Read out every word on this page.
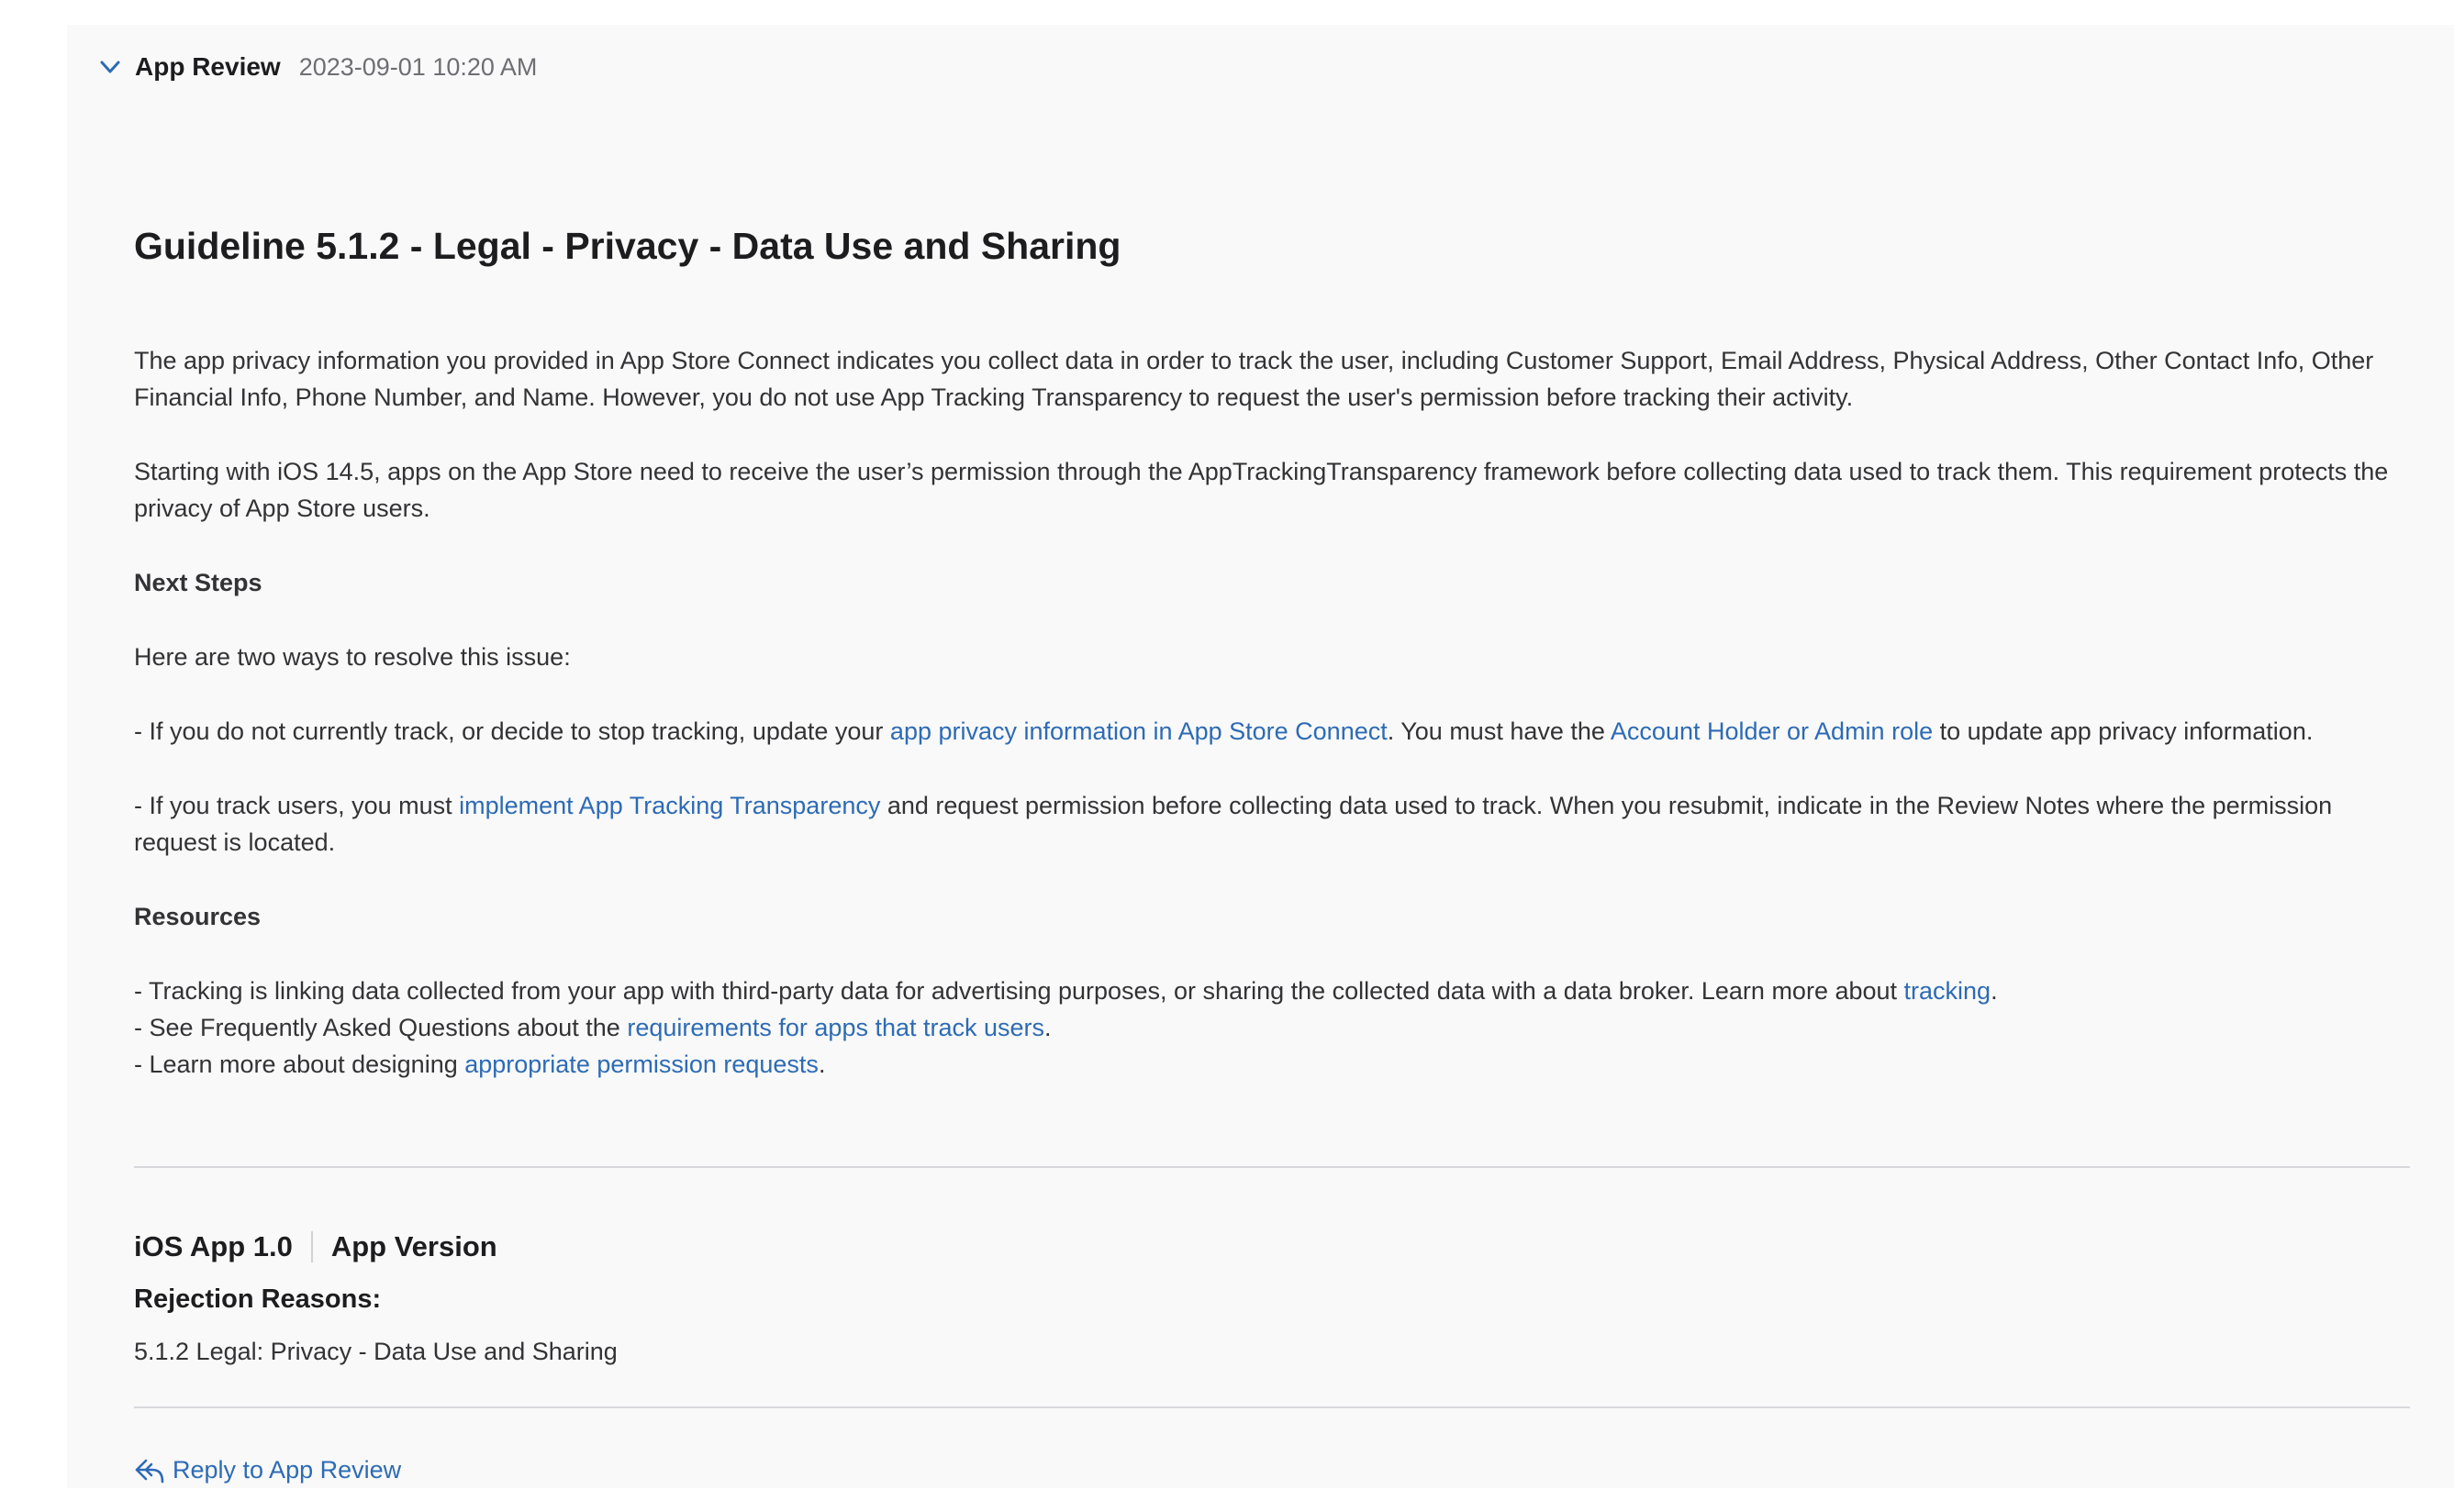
App Review 2023-09-01 10:20 AM
Guideline 5.1.2 - Legal - Privacy - Data Use and Sharing
The app privacy information you provided in App Store Connect indicates you collect data in order to track the user, including Customer Support, Email Address, Physical Address, Other Contact Info, Other Financial Info, Phone Number, and Name. However, you do not use App Tracking Transparency to request the user's permission before tracking their activity.
Starting with iOS 14.5, apps on the App Store need to receive the user’s permission through the AppTrackingTransparency framework before collecting data used to track them. This requirement protects the privacy of App Store users.
Next Steps
Here are two ways to resolve this issue:
- If you do not currently track, or decide to stop tracking, update your app privacy information in App Store Connect. You must have the Account Holder or Admin role to update app privacy information.
- If you track users, you must implement App Tracking Transparency and request permission before collecting data used to track. When you resubmit, indicate in the Review Notes where the permission request is located.
Resources
- Tracking is linking data collected from your app with third-party data for advertising purposes, or sharing the collected data with a data broker. Learn more about tracking.
- See Frequently Asked Questions about the requirements for apps that track users.
- Learn more about designing appropriate permission requests.
iOS App 1.0 App Version
Rejection Reasons:
5.1.2 Legal: Privacy - Data Use and Sharing
Reply to App Review
